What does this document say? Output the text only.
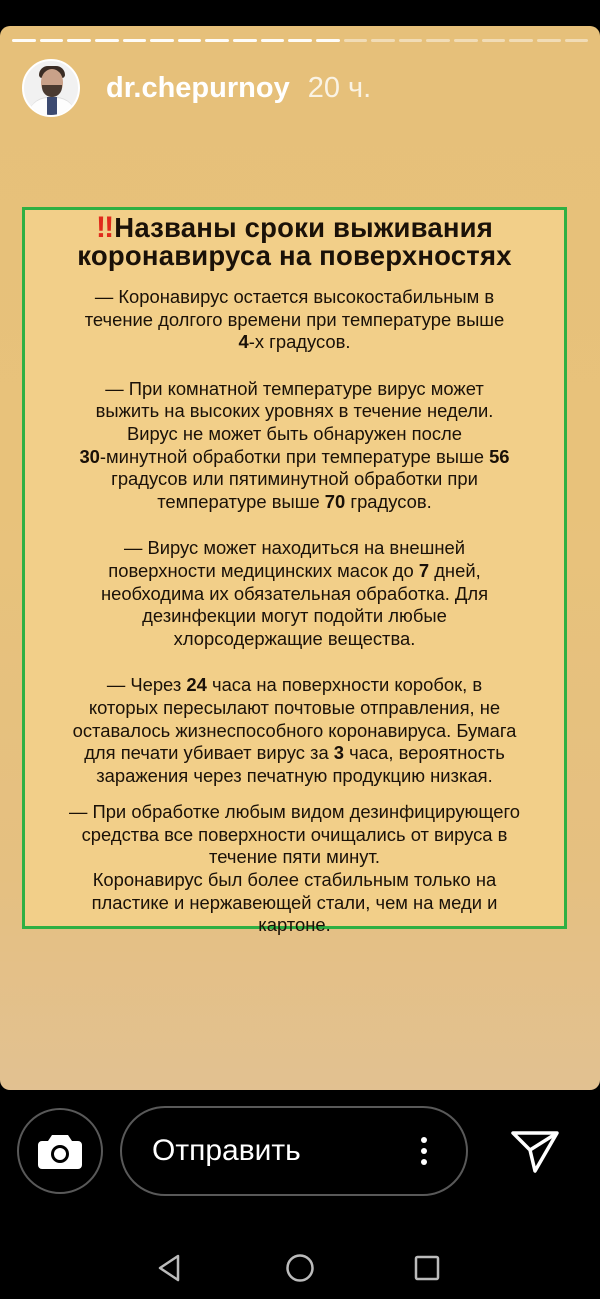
dr.chepurnoy 20 ч.
‼Названы сроки выживания
коронавируса на поверхностях

— Коронавирус остается высокостабильным в

течение долгого времени при температуре выше

4-х градусов.

— При комнатной температуре вирус может

выжить на высоких уровнях в течение недели.

Вирус не может быть обнаружен после

30-минутной обработки при температуре выше 56

градусов или пятиминутной обработки при

температуре выше 70 градусов.

— Вирус может находиться на внешней

поверхности медицинских масок до 7 дней,

необходима их обязательная обработка. Для

дезинфекции могут подойти любые

хлорсодержащие вещества.

— Через 24 часа на поверхности коробок, в

которых пересылают почтовые отправления, не

оставалось жизнеспособного коронавируса. Бумага

для печати убивает вирус за 3 часа, вероятность

заражения через печатную продукцию низкая.

— При обработке любым видом дезинфицирующего

средства все поверхности очищались от вируса в

течение пяти минут.

Коронавирус был более стабильным только на

пластике и нержавеющей стали, чем на меди и

картоне.

Отправить
